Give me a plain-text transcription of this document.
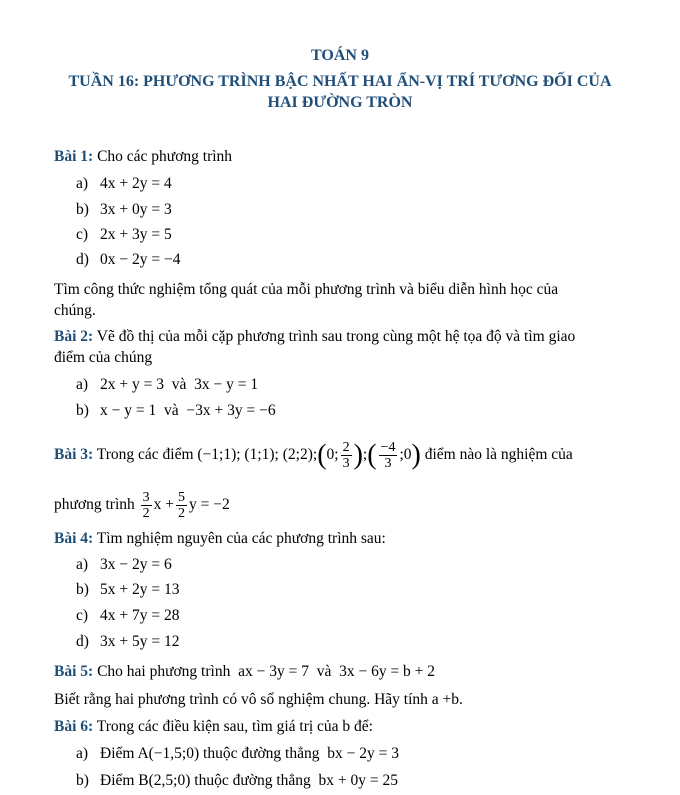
TOÁN 9
TUẦN 16: PHƯƠNG TRÌNH BẬC NHẤT HAI ẨN-VỊ TRÍ TƯƠNG ĐỐI CỦA
HAI ĐƯỜNG TRÒN
Bài 1: Cho các phương trình
a) 4x + 2y = 4
b) 3x + 0y = 3
c) 2x + 3y = 5
d) 0x − 2y = −4
Tìm công thức nghiệm tổng quát của mỗi phương trình và biểu diễn hình học của
chúng.
Bài 2: Vẽ đồ thị của mỗi cặp phương trình sau trong cùng một hệ tọa độ và tìm giao
điểm của chúng
a) 2x + y = 3  và  3x − y = 1
b) x − y = 1  và  −3x + 3y = −6
Bài 3: Trong các điểm (−1;1); (1;1); (2;2);(0; $\frac{2}{3}$ );( $\frac{-4}{3}$ ;0) điểm nào là nghiệm của
phương trình $\frac{3}{2}$ $x + \frac{5}{2}$ y = −2
Bài 4: Tìm nghiệm nguyên của các phương trình sau:
a) 3x − 2y = 6
b) 5x + 2y = 13
c) 4x + 7y = 28
d) 3x + 5y = 12
Bài 5: Cho hai phương trình  ax − 3y = 7  và  3x − 6y = b + 2
Biết rằng hai phương trình có vô số nghiệm chung. Hãy tính a +b.
Bài 6: Trong các điều kiện sau, tìm giá trị của b để:
a) Điểm A(−1,5;0) thuộc đường thẳng  bx − 2y = 3
b) Điểm B(2,5;0) thuộc đường thẳng  bx + 0y = 25
